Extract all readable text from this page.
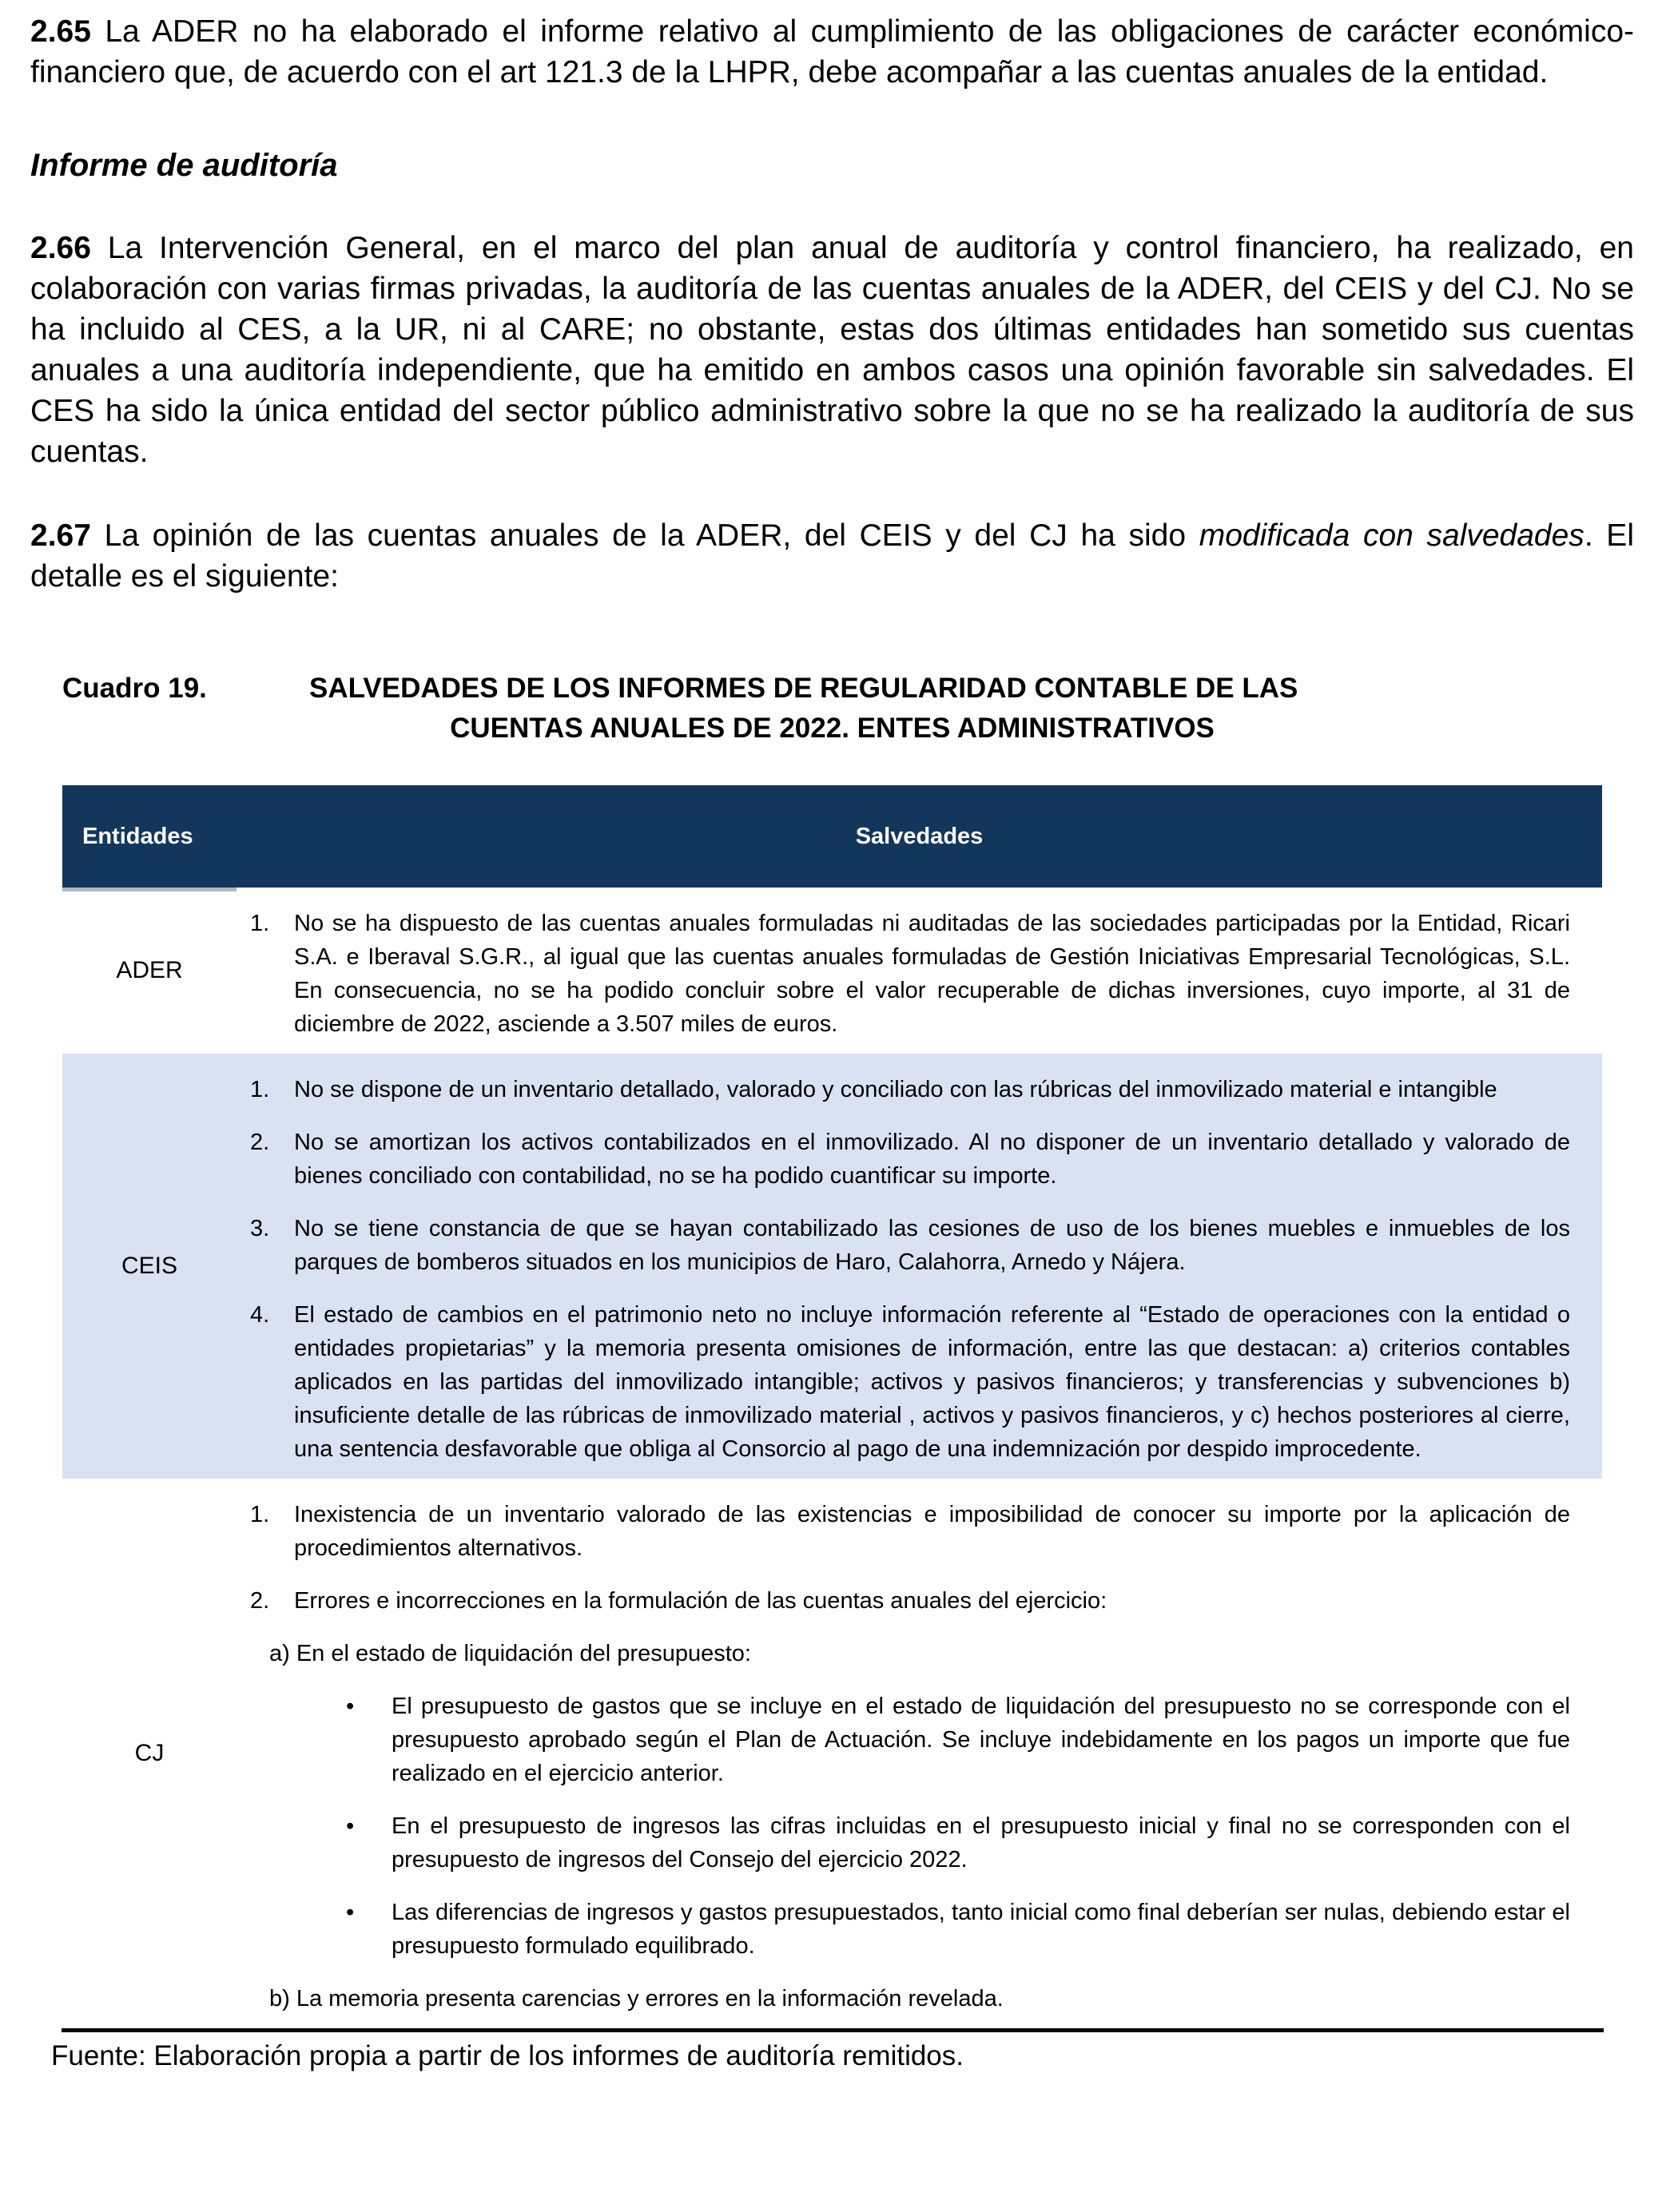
2.65 La ADER no ha elaborado el informe relativo al cumplimiento de las obligaciones de carácter económico-financiero que, de acuerdo con el art 121.3 de la LHPR, debe acompañar a las cuentas anuales de la entidad.

Informe de auditoría

2.66 La Intervención General, en el marco del plan anual de auditoría y control financiero, ha realizado, en colaboración con varias firmas privadas, la auditoría de las cuentas anuales de la ADER, del CEIS y del CJ. No se ha incluido al CES, a la UR, ni al CARE; no obstante, estas dos últimas entidades han sometido sus cuentas anuales a una auditoría independiente, que ha emitido en ambos casos una opinión favorable sin salvedades. El CES ha sido la única entidad del sector público administrativo sobre la que no se ha realizado la auditoría de sus cuentas.

2.67 La opinión de las cuentas anuales de la ADER, del CEIS y del CJ ha sido modificada con salvedades. El detalle es el siguiente:

Cuadro 19.	SALVEDADES DE LOS INFORMES DE REGULARIDAD CONTABLE DE LAS
CUENTAS ANUALES DE 2022. ENTES ADMINISTRATIVOS
Entidades	Salvedades
ADER
1.	No se ha dispuesto de las cuentas anuales formuladas ni auditadas de las sociedades participadas por la Entidad, Ricari S.A. e Iberaval S.G.R., al igual que las cuentas anuales formuladas de Gestión Iniciativas Empresarial Tecnológicas, S.L. En consecuencia, no se ha podido concluir sobre el valor recuperable de dichas inversiones, cuyo importe, al 31 de diciembre de 2022, asciende a 3.507 miles de euros.
CEIS
1.	No se dispone de un inventario detallado, valorado y conciliado con las rúbricas del inmovilizado material e intangible
2.	No se amortizan los activos contabilizados en el inmovilizado. Al no disponer de un inventario detallado y valorado de bienes conciliado con contabilidad, no se ha podido cuantificar su importe.
3.	No se tiene constancia de que se hayan contabilizado las cesiones de uso de los bienes muebles e inmuebles de los parques de bomberos situados en los municipios de Haro, Calahorra, Arnedo y Nájera.
4.	El estado de cambios en el patrimonio neto no incluye información referente al “Estado de operaciones con la entidad o entidades propietarias” y la memoria presenta omisiones de información, entre las que destacan: a) criterios contables aplicados en las partidas del inmovilizado intangible; activos y pasivos financieros; y transferencias y subvenciones b) insuficiente detalle de las rúbricas de inmovilizado material , activos y pasivos financieros, y c) hechos posteriores al cierre, una sentencia desfavorable que obliga al Consorcio al pago de una indemnización por despido improcedente.
CJ
1.	Inexistencia de un inventario valorado de las existencias e imposibilidad de conocer su importe por la aplicación de procedimientos alternativos.
2.	Errores e incorrecciones en la formulación de las cuentas anuales del ejercicio:
a) En el estado de liquidación del presupuesto:
•	El presupuesto de gastos que se incluye en el estado de liquidación del presupuesto no se corresponde con el presupuesto aprobado según el Plan de Actuación. Se incluye indebidamente en los pagos un importe que fue realizado en el ejercicio anterior.
•	En el presupuesto de ingresos las cifras incluidas en el presupuesto inicial y final no se corresponden con el presupuesto de ingresos del Consejo del ejercicio 2022.
•	Las diferencias de ingresos y gastos presupuestados, tanto inicial como final deberían ser nulas, debiendo estar el presupuesto formulado equilibrado.
b) La memoria presenta carencias y errores en la información revelada.

Fuente: Elaboración propia a partir de los informes de auditoría remitidos.
